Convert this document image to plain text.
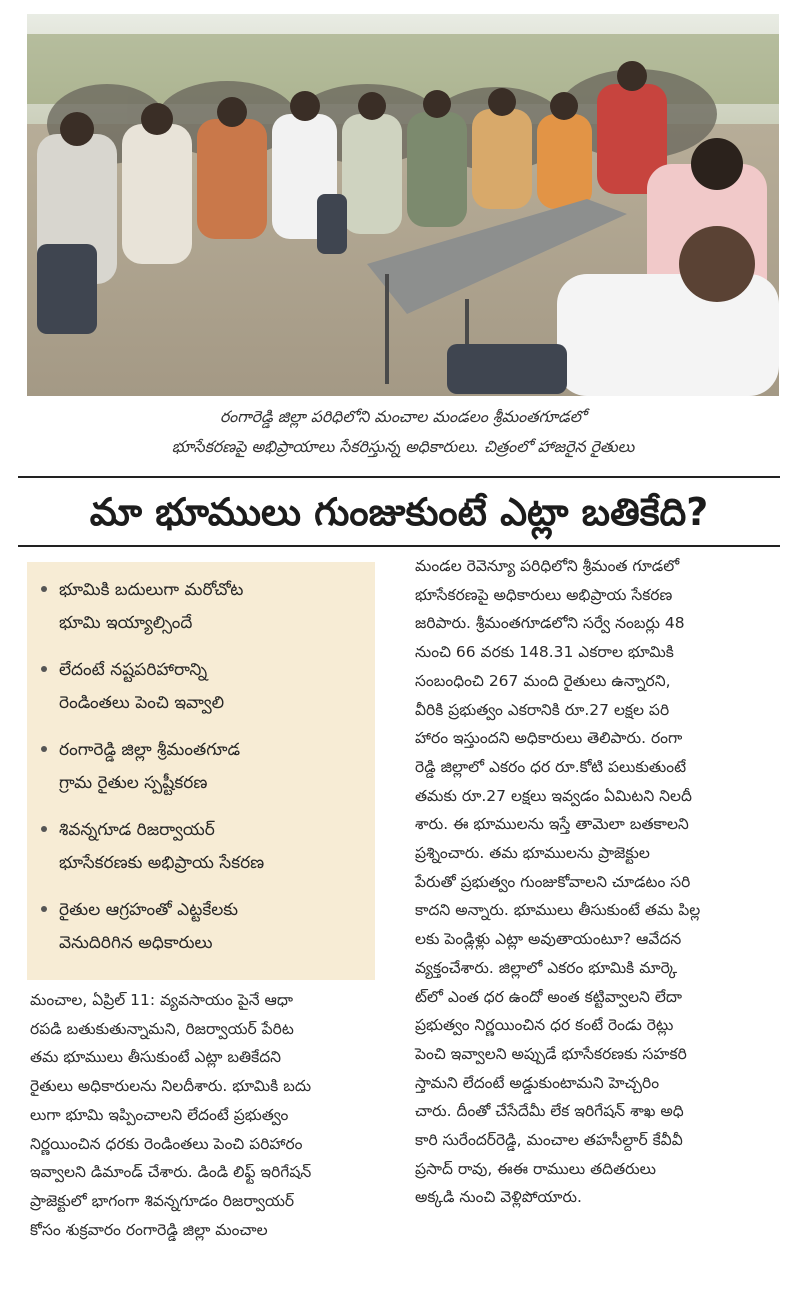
రంగారెడ్డి జిల్లా పరిధిలోని మంచాల మండలం శ్రీమంతగూడలో
భూసేకరణపై అభిప్రాయాలు సేకరిస్తున్న అధికారులు. చిత్రంలో హాజరైన రైతులు
మా భూములు గుంజుకుంటే ఎట్లా బతికేది?
భూమికి బదులుగా మరోచోట
భూమి ఇయ్యాల్సిందే
లేదంటే నష్టపరిహారాన్ని
రెండింతలు పెంచి ఇవ్వాలి
రంగారెడ్డి జిల్లా శ్రీమంతగూడ
గ్రామ రైతుల స్పష్టీకరణ
శివన్నగూడ రిజర్వాయర్
భూసేకరణకు అభిప్రాయ సేకరణ
రైతుల ఆగ్రహంతో ఎట్టకేలకు
వెనుదిరిగిన అధికారులు
మంచాల, ఏప్రిల్ 11: వ్యవసాయం పైనే ఆధా
రపడి బతుకుతున్నామని, రిజర్వాయర్ పేరిట
తమ భూములు తీసుకుంటే ఎట్లా బతికేదని
రైతులు అధికారులను నిలదీశారు. భూమికి బదు
లుగా భూమి ఇప్పించాలని లేదంటే ప్రభుత్వం
నిర్ణయించిన ధరకు రెండింతలు పెంచి పరిహారం
ఇవ్వాలని డిమాండ్ చేశారు. డిండి లిఫ్ట్ ఇరిగేషన్
ప్రాజెక్టులో భాగంగా శివన్నగూడం రిజర్వాయర్
కోసం శుక్రవారం రంగారెడ్డి జిల్లా మంచాల
మండల రెవెన్యూ పరిధిలోని శ్రీమంత గూడలో
భూసేకరణపై అధికారులు అభిప్రాయ సేకరణ
జరిపారు. శ్రీమంతగూడలోని సర్వే నంబర్లు 48
నుంచి 66 వరకు 148.31 ఎకరాల భూమికి
సంబంధించి 267 మంది రైతులు ఉన్నారని,
వీరికి ప్రభుత్వం ఎకరానికి రూ.27 లక్షల పరి
హారం ఇస్తుందని అధికారులు తెలిపారు. రంగా
రెడ్డి జిల్లాలో ఎకరం ధర రూ.కోటి పలుకుతుంటే
తమకు రూ.27 లక్షలు ఇవ్వడం ఏమిటని నిలదీ
శారు. ఈ భూములను ఇస్తే తామెలా బతకాలని
ప్రశ్నించారు. తమ భూములను ప్రాజెక్టుల
పేరుతో ప్రభుత్వం గుంజుకోవాలని చూడటం సరి
కాదని అన్నారు. భూములు తీసుకుంటే తమ పిల్ల
లకు పెండ్లిళ్లు ఎట్లా అవుతాయంటూ? ఆవేదన
వ్యక్తంచేశారు. జిల్లాలో ఎకరం భూమికి మార్కె
ట్‌లో ఎంత ధర ఉందో అంత కట్టివ్వాలని లేదా
ప్రభుత్వం నిర్ణయించిన ధర కంటే రెండు రెట్లు
పెంచి ఇవ్వాలని అప్పుడే భూసేకరణకు సహకరి
స్తామని లేదంటే అడ్డుకుంటామని హెచ్చరిం
చారు. దీంతో చేసేదేమీ లేక ఇరిగేషన్ శాఖ అధి
కారి సురేందర్‌రెడ్డి, మంచాల తహసీల్దార్ కేవీవీ
ప్రసాద్ రావు, ఈఈ రాములు తదితరులు
అక్కడి నుంచి వెళ్లిపోయారు.
